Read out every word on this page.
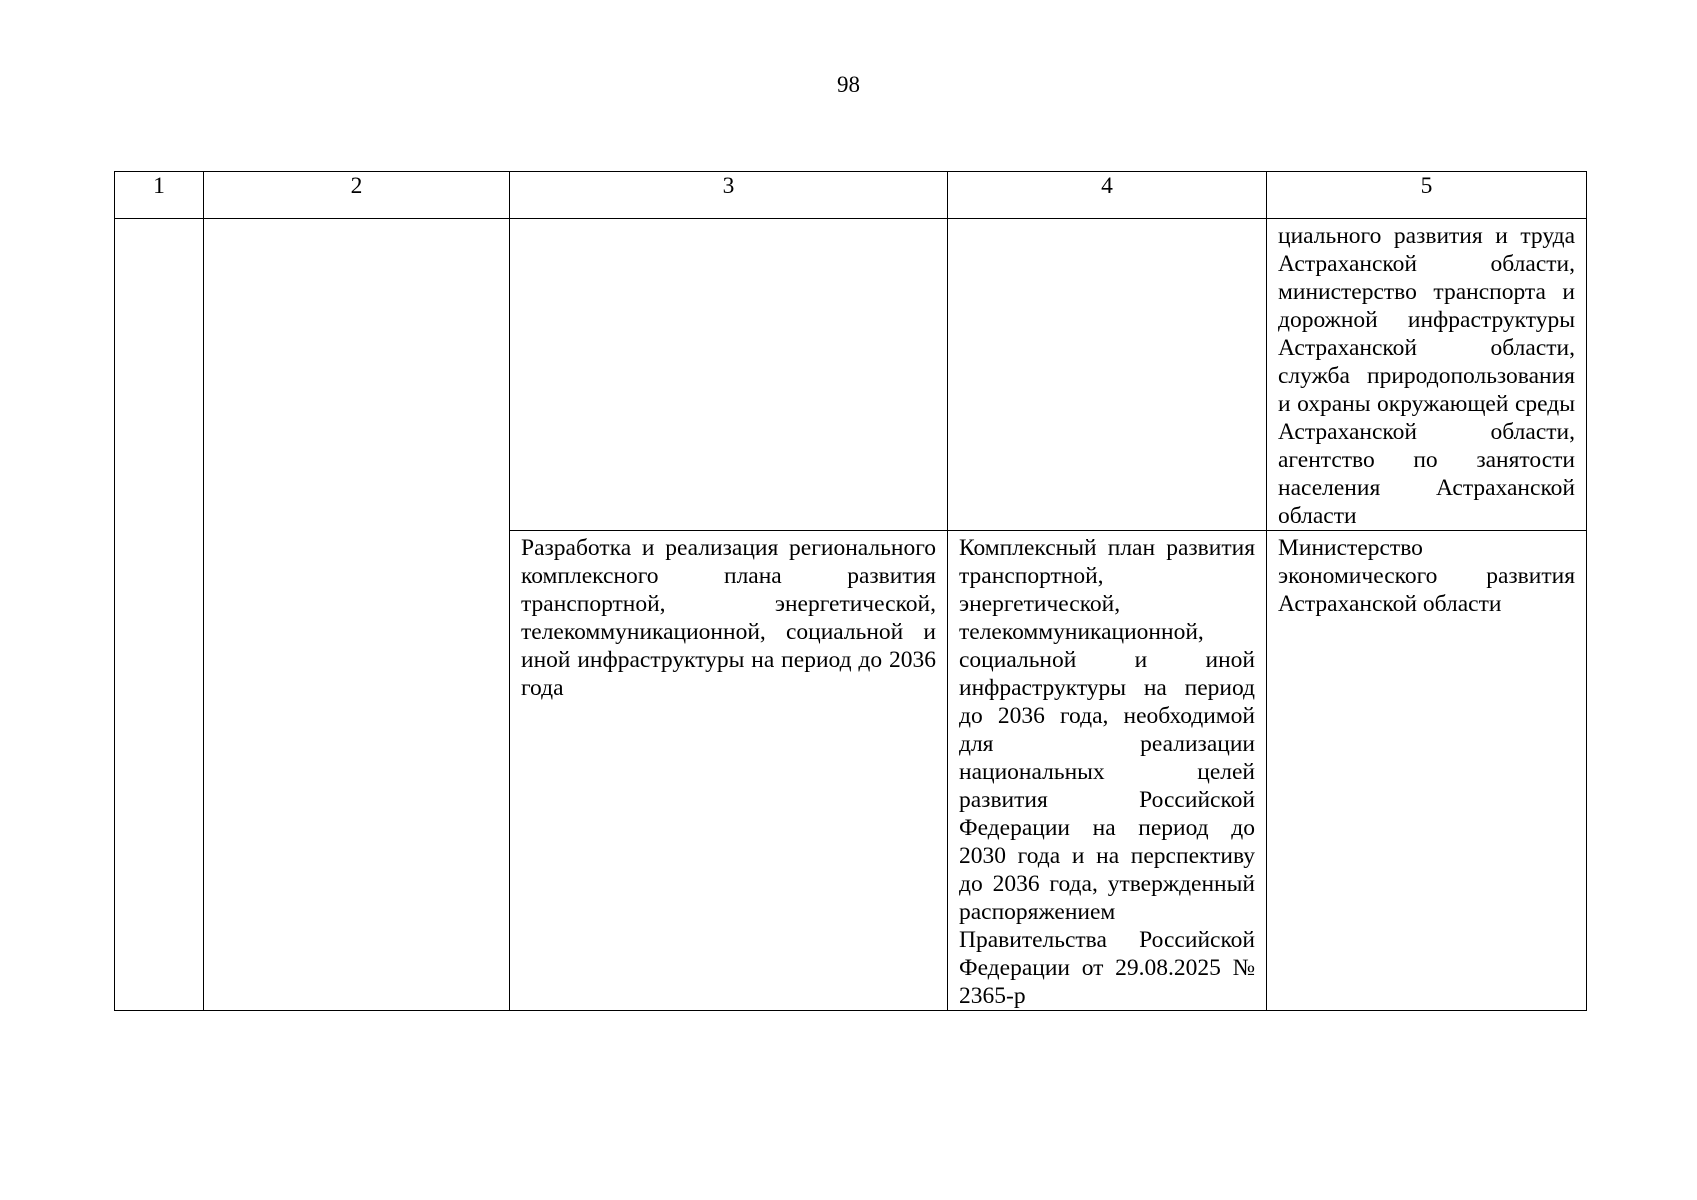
98
1	2	3	4	5

				циального развития и труда Астраханской области, министерство транспорта и дорожной инфраструктуры Астраханской области, служба природопользования и охраны окружающей среды Астраханской области, агентство по занятости населения Астраханской области

		Разработка и реализация регионального комплексного плана развития транспортной, энергетической, телекоммуникационной, социальной и иной инфраструктуры на период до 2036 года	Комплексный план развития транспортной, энергетической, телекоммуникационной, социальной и иной инфраструктуры на период до 2036 года, необходимой для реализации национальных целей развития Российской Федерации на период до 2030 года и на перспективу до 2036 года, утвержденный распоряжением Правительства Российской Федерации от 29.08.2025 № 2365-р	Министерство экономического развития Астраханской области
